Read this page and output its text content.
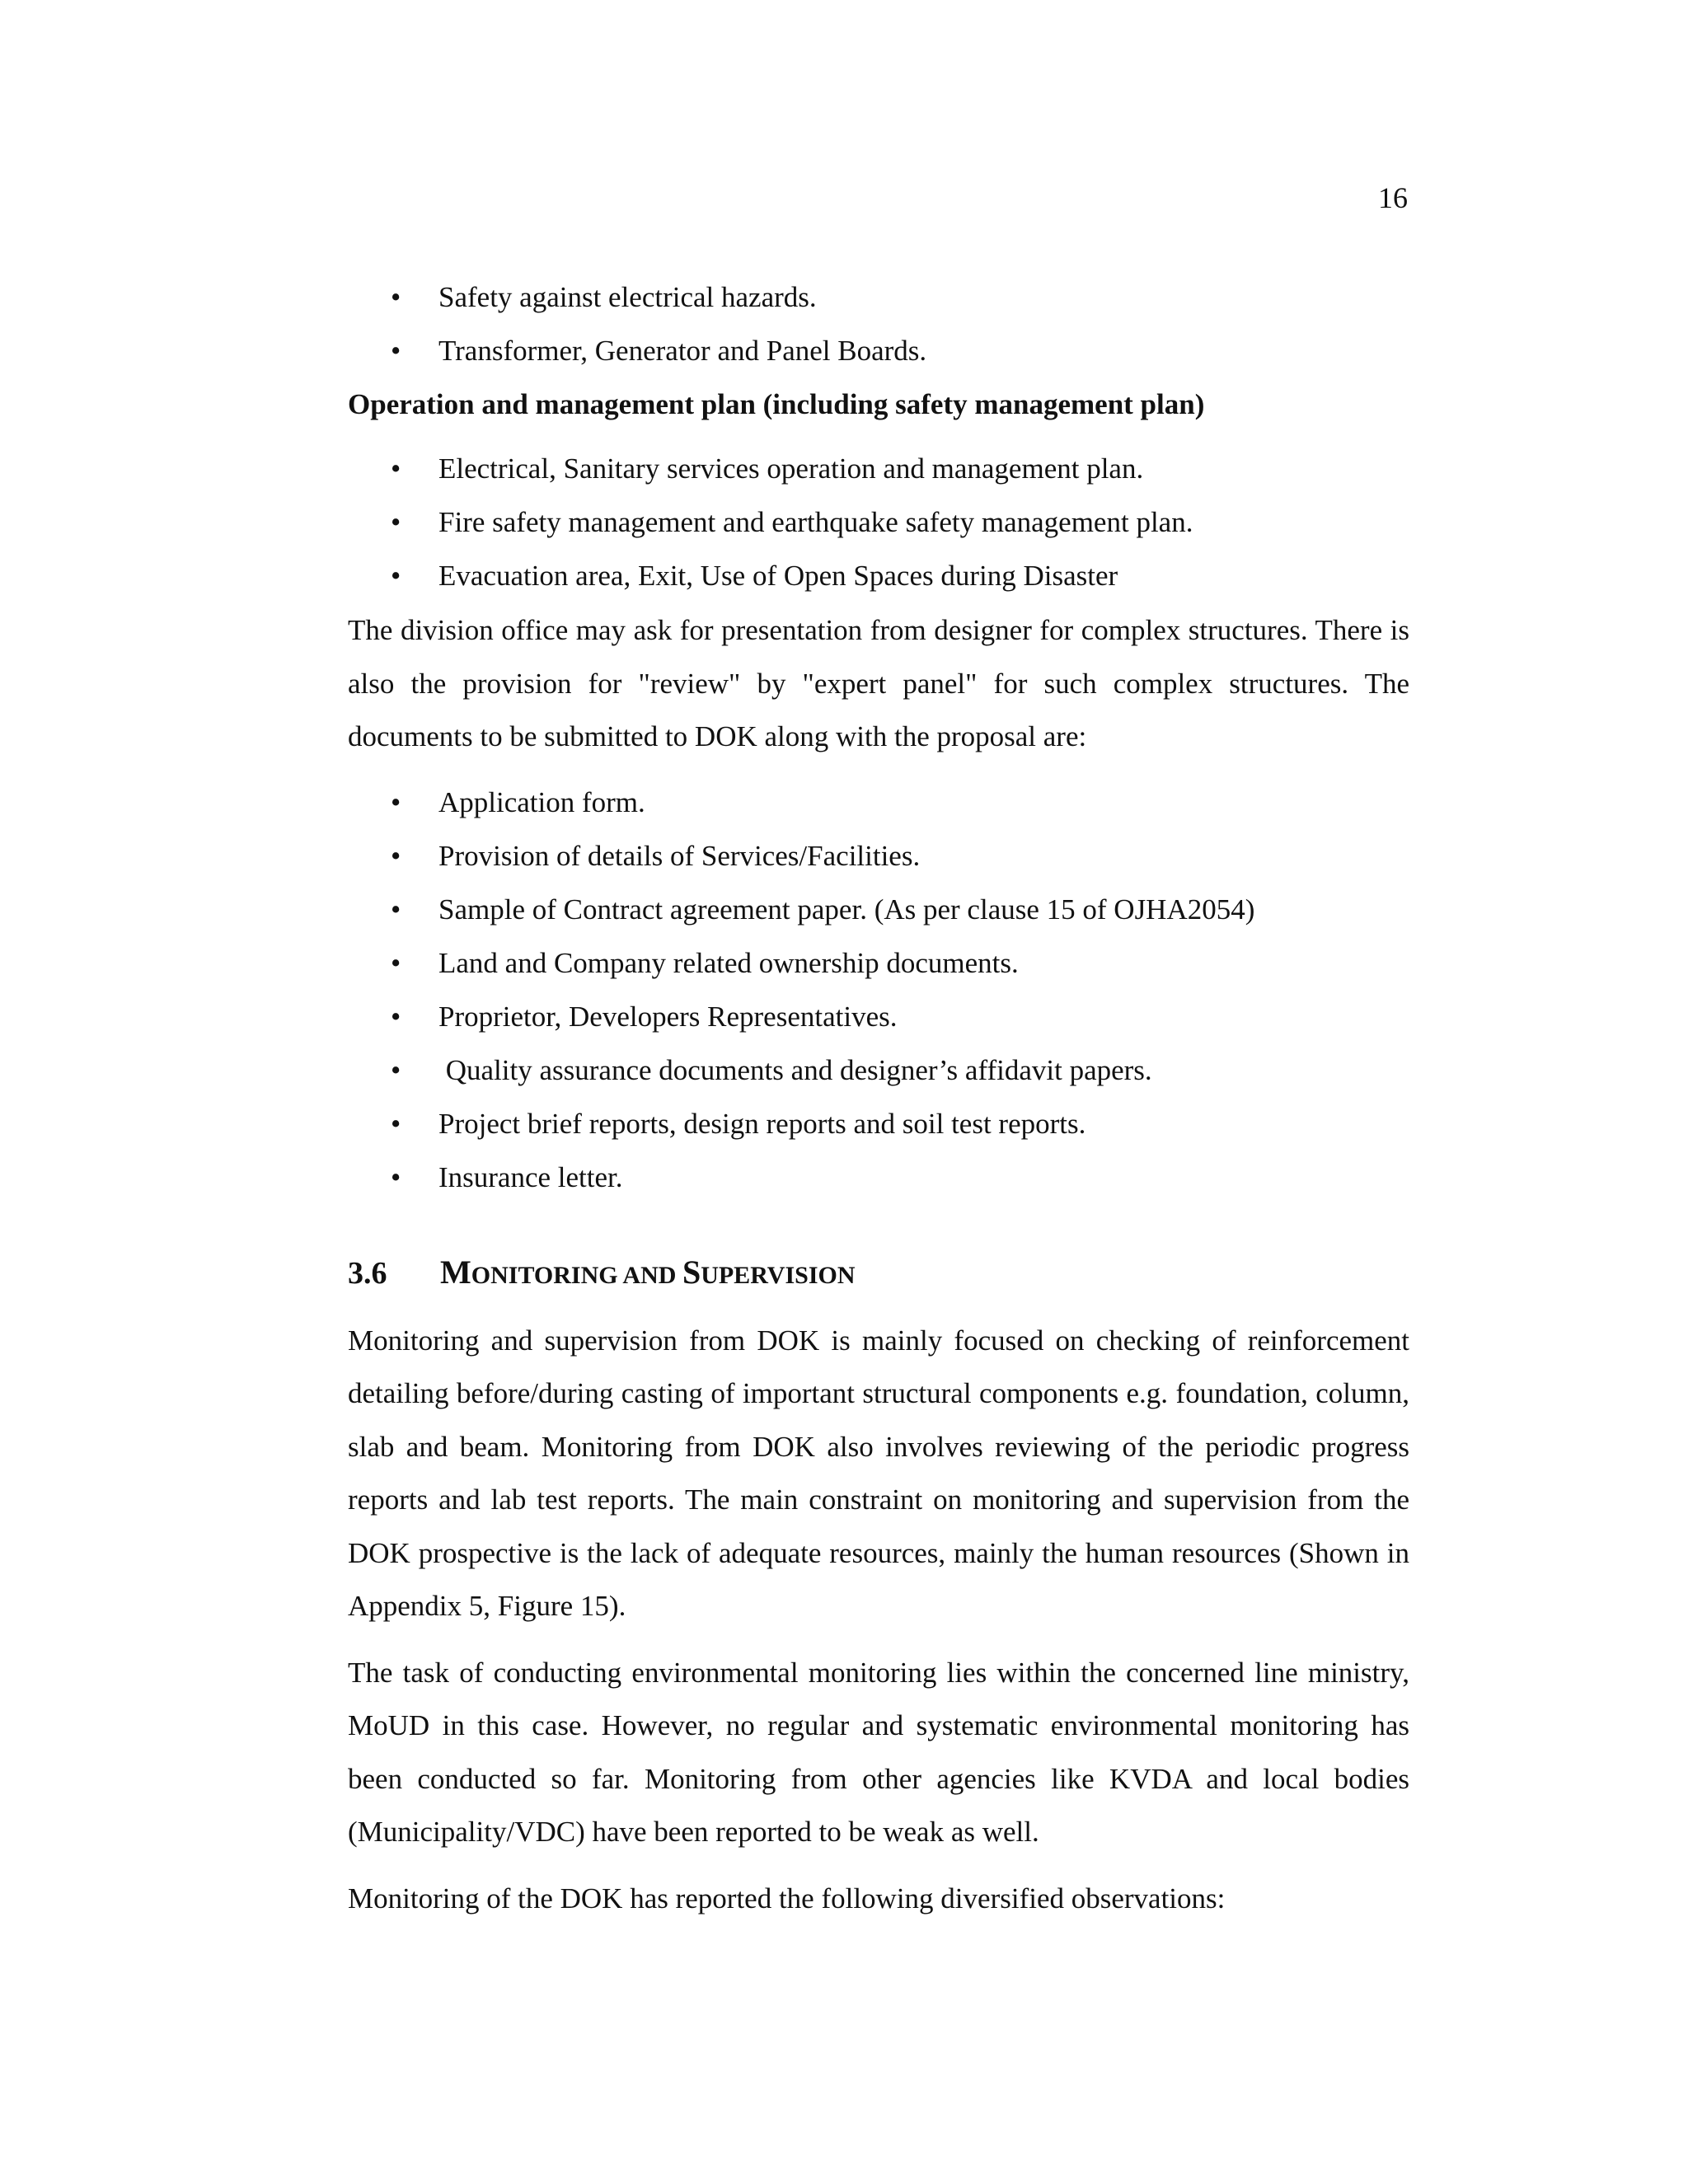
16
• Safety against electrical hazards.
• Transformer, Generator and Panel Boards.
Operation and management plan (including safety management plan)
• Electrical, Sanitary services operation and management plan.
• Fire safety management and earthquake safety management plan.
• Evacuation area, Exit, Use of Open Spaces during Disaster

The division office may ask for presentation from designer for complex structures. There is also the provision for "review" by "expert panel" for such complex structures. The documents to be submitted to DOK along with the proposal are:

• Application form.
• Provision of details of Services/Facilities.
• Sample of Contract agreement paper. (As per clause 15 of OJHA2054)
• Land and Company related ownership documents.
• Proprietor, Developers Representatives.
• Quality assurance documents and designer’s affidavit papers.
• Project brief reports, design reports and soil test reports.
• Insurance letter.
3.6	MONITORING AND SUPERVISION

Monitoring and supervision from DOK is mainly focused on checking of reinforcement detailing before/during casting of important structural components e.g. foundation, column, slab and beam. Monitoring from DOK also involves reviewing of the periodic progress reports and lab test reports. The main constraint on monitoring and supervision from the DOK prospective is the lack of adequate resources, mainly the human resources (Shown in Appendix 5, Figure 15).

The task of conducting environmental monitoring lies within the concerned line ministry, MoUD in this case. However, no regular and systematic environmental monitoring has been conducted so far. Monitoring from other agencies like KVDA and local bodies (Municipality/VDC) have been reported to be weak as well.

Monitoring of the DOK has reported the following diversified observations:
